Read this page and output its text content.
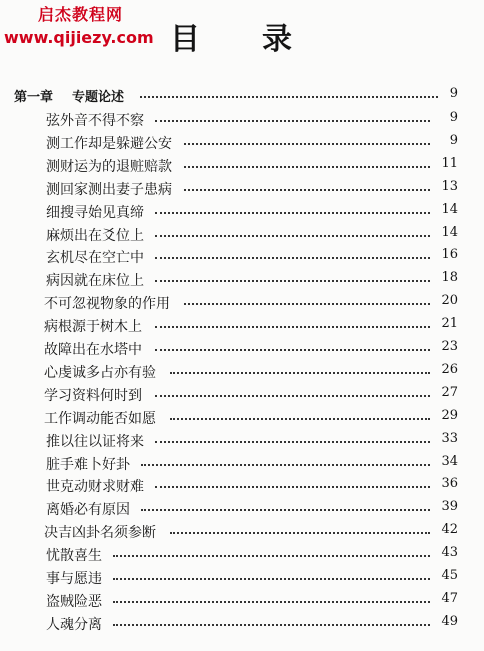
启杰教程网
www.qijiezy.com 目 录
第一章 专题论述	9
弦外音不得不察	9
测工作却是躲避公安	9
测财运为的退赃赔款	11
测回家测出妻子患病	13
细搜寻始见真缔	14
麻烦出在爻位上	14
玄机尽在空亡中	16
病因就在床位上	18
不可忽视物象的作用	20
病根源于树木上	21
故障出在水塔中	23
心虔诚多占亦有验	26
学习资料何时到	27
工作调动能否如愿	29
推以往以证将来	33
脏手难卜好卦	34
世克动财求财难	36
离婚必有原因	39
决吉凶卦名须参断	42
忧散喜生	43
事与愿违	45
盗贼险恶	47
人魂分离	49
